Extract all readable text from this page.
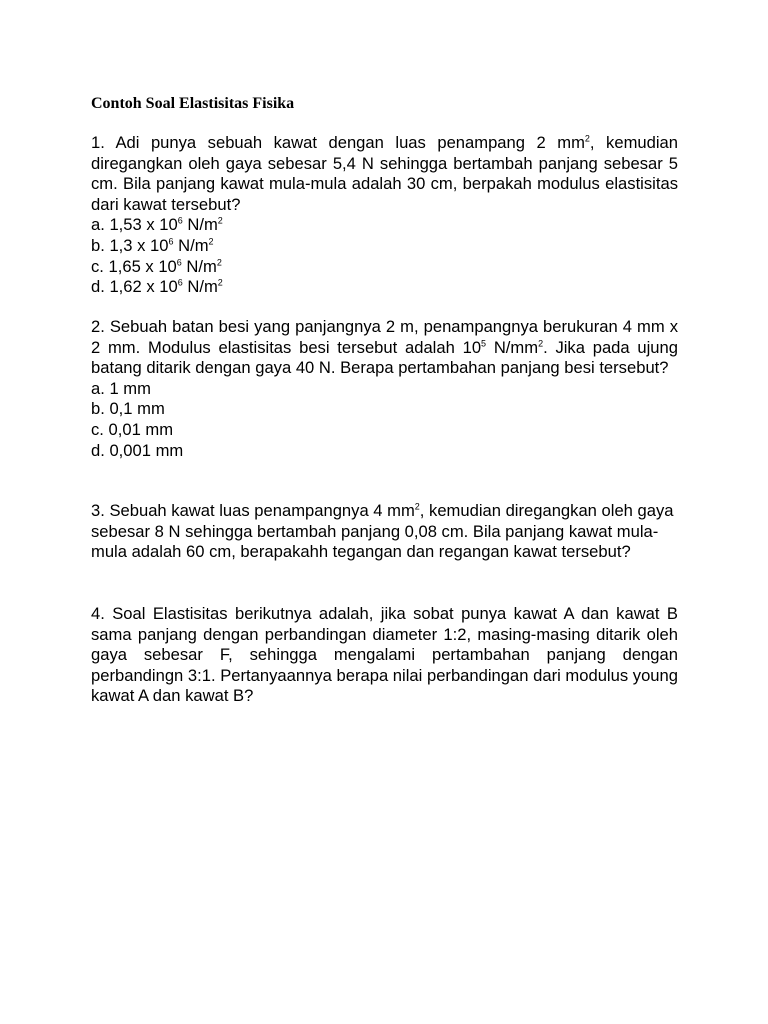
Contoh Soal Elastisitas Fisika

1. Adi punya sebuah kawat dengan luas penampang 2 $mm^2$, kemudian diregangkan oleh gaya sebesar 5,4 N sehingga bertambah panjang sebesar 5 cm. Bila panjang kawat mula-mula adalah 30 cm, berpakah modulus elastisitas dari kawat tersebut?

a. 1,53 x $10^6$ $N/m^2$
b. 1,3 x $10^6$ $N/m^2$
c. 1,65 x $10^6$ $N/m^2$
d. 1,62 x $10^6$ $N/m^2$

2. Sebuah batan besi yang panjangnya 2 m, penampangnya berukuran 4 mm x 2 mm. Modulus elastisitas besi tersebut adalah $10^5$ $N/mm^2$. Jika pada ujung batang ditarik dengan gaya 40 N. Berapa pertambahan panjang besi tersebut?

a. 1 mm
b. 0,1 mm
c. 0,01 mm
d. 0,001 mm

3. Sebuah kawat luas penampangnya 4 $mm^2$, kemudian diregangkan oleh gaya sebesar 8 N sehingga bertambah panjang 0,08 cm. Bila panjang kawat mula-mula adalah 60 cm, berapakahh tegangan dan regangan kawat tersebut?

4. Soal Elastisitas berikutnya adalah, jika sobat punya kawat A dan kawat B sama panjang dengan perbandingan diameter 1:2, masing-masing ditarik oleh gaya sebesar F, sehingga mengalami pertambahan panjang dengan perbandingn 3:1. Pertanyaannya berapa nilai perbandingan dari modulus young kawat A dan kawat B?
